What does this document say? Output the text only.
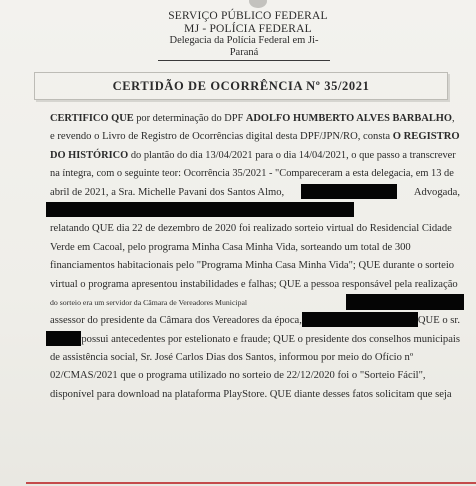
SERVIÇO PÚBLICO FEDERAL
MJ - POLÍCIA FEDERAL
Delegacia da Polícia Federal em Ji-Paraná
CERTIDÃO DE OCORRÊNCIA Nº 35/2021
CERTIFICO QUE por determinação do DPF ADOLFO HUMBERTO ALVES BARBALHO ,
e revendo o Livro de Registro de Ocorrências digital desta DPF/JPN/RO, consta O REGISTRO
DO HISTÓRICO do plantão do dia 13/04/2021 para o dia 14/04/2021, o que passo a transcrever
na íntegra, com o seguinte teor: Ocorrência 35/2021 - "Compareceram a esta delegacia, em 13 de
abril de 2021, a Sra. Michelle Pavani dos Santos Almo,	Advogada,
relatando QUE dia 22 de dezembro de 2020 foi realizado sorteio virtual do Residencial Cidade
Verde em Cacoal, pelo programa Minha Casa Minha Vida, sorteando um total de 300
financiamentos habitacionais pelo "Programa Minha Casa Minha Vida"; QUE durante o sorteio
virtual o programa apresentou instabilidades e falhas; QUE a pessoa responsável pela realização
do sorteio era um servidor da Câmara de Vereadores Municipal
assessor do presidente da Câmara dos Vereadores da época,	QUE o sr.
possui antecedentes por estelionato e fraude; QUE o presidente dos conselhos municipais
de assistência social, Sr. José Carlos Dias dos Santos, informou por meio do Ofício nº
02/CMAS/2021 que o programa utilizado no sorteio de 22/12/2020 foi o "Sorteio Fácil",
disponível para download na plataforma PlayStore. QUE diante desses fatos solicitam que seja
